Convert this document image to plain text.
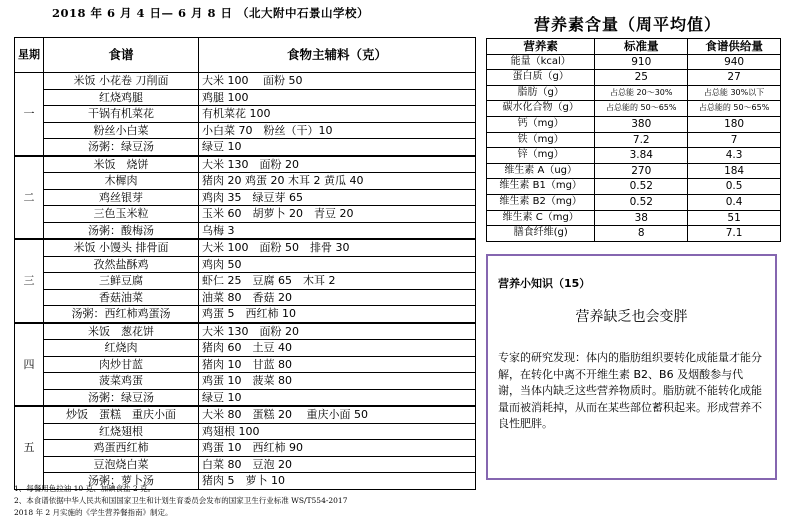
2018 年 6 月 4 日— 6 月 8 日 （北大附中石景山学校）
星期	食谱	食物主辅料（克）
一	米饭 小花卷 刀削面	大米 100　 面粉 50
	红烧鸡腿	鸡腿 100
	干锅有机菜花	有机菜花 100
	粉丝小白菜	小白菜 70　粉丝（干）10
	汤粥：绿豆汤	绿豆 10
二	米饭　烧饼	大米 130　面粉 20
	木樨肉	猪肉 20 鸡蛋 20 木耳 2 黄瓜 40
	鸡丝银芽	鸡肉 35　绿豆芽 65
	三色玉米粒	玉米 60　胡萝卜 20　青豆 20
	汤粥：酸梅汤	乌梅 3
三	米饭 小馒头 排骨面	大米 100　面粉 50　排骨 30
	孜然盐酥鸡	鸡肉 50
	三鲜豆腐	虾仁 25　豆腐 65　木耳 2
	香菇油菜	油菜 80　香菇 20
	汤粥：西红柿鸡蛋汤	鸡蛋 5　西红柿 10
四	米饭　葱花饼	大米 130　面粉 20
	红烧肉	猪肉 60　土豆 40
	肉炒甘蓝	猪肉 10　甘蓝 80
	菠菜鸡蛋	鸡蛋 10　菠菜 80
	汤粥：绿豆汤	绿豆 10
五	炒饭　蛋糕　重庆小面	大米 80　蛋糕 20　 重庆小面 50
	红烧翅根	鸡翅根 100
	鸡蛋西红柿	鸡蛋 10　西红柿 90
	豆泡烧白菜	白菜 80　豆泡 20
	汤粥：萝卜汤	猪肉 5　萝卜 10
1、每餐用色拉油 10 克、加碘食盐 2 克。
2、本食谱依据中华人民共和国国家卫生和计划生育委员会发布的国家卫生行业标准 WS/T554-2017
2018 年 2 月实施的《学生营养餐指南》制定。
营养素含量（周平均值）
营养素	标准量	食谱供给量
能量（kcal）	910	940
蛋白质（g）	25	27
脂肪（g）	占总能 20～30%	占总能 30%以下
碳水化合物（g）	占总能的 50～65%	占总能的 50～65%
钙（mg）	380	180
铁（mg）	7.2	7
锌（mg）	3.84	4.3
维生素 A（ug）	270	184
维生素 B1（mg）	0.52	0.5
维生素 B2（mg）	0.52	0.4
维生素 C（mg）	38	51
膳食纤维(g)	8	7.1
营养小知识（15）
营养缺乏也会变胖
专家的研究发现：体内的脂肪组织要转化成能量才能分解，在转化中离不开维生素 B2、B6 及烟酸参与代谢，当体内缺乏这些营养物质时。脂肪就不能转化成能量而被消耗掉，从而在某些部位蓄积起来。形成营养不良性肥胖。
